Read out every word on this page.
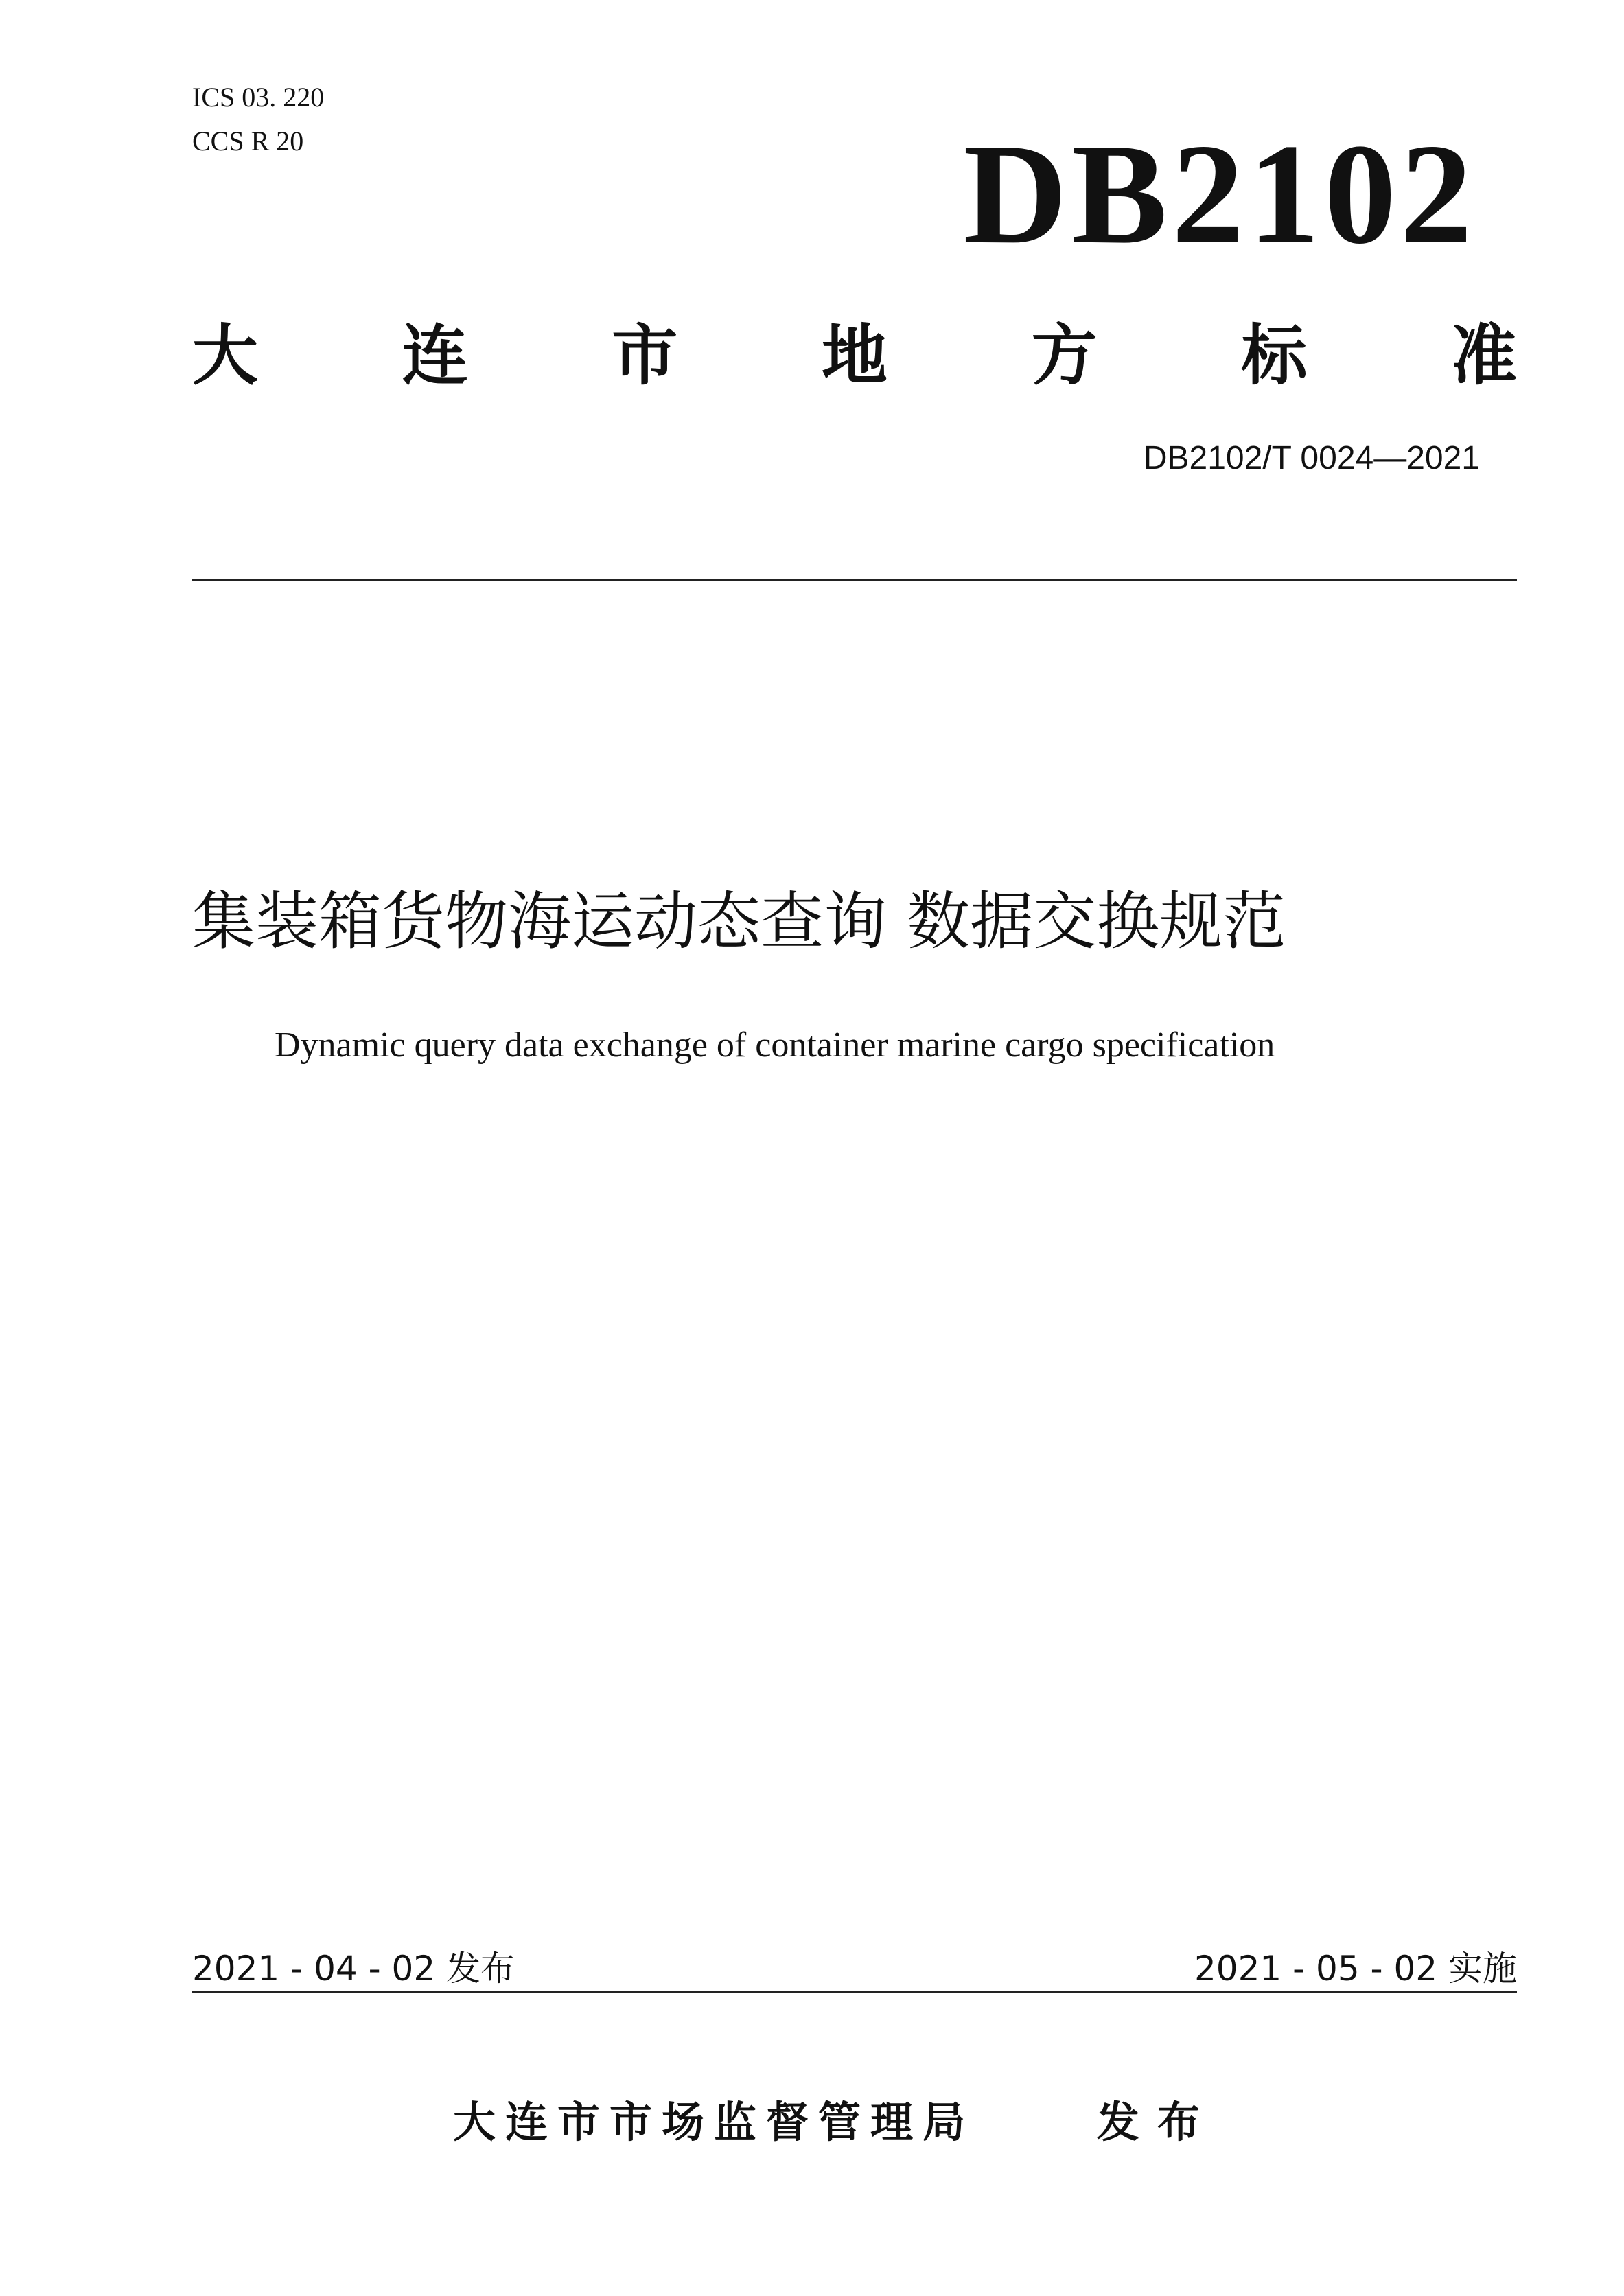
ICS 03. 220
CCS R 20	DB2102
大 连 市 地 方 标 准
DB2102/T 0024—2021
集装箱货物海运动态查询 数据交换规范
Dynamic query data exchange of container marine cargo specification
2021 - 04 - 02 发布	2021 - 05 - 02 实施
大连市市场监督管理局	发布
